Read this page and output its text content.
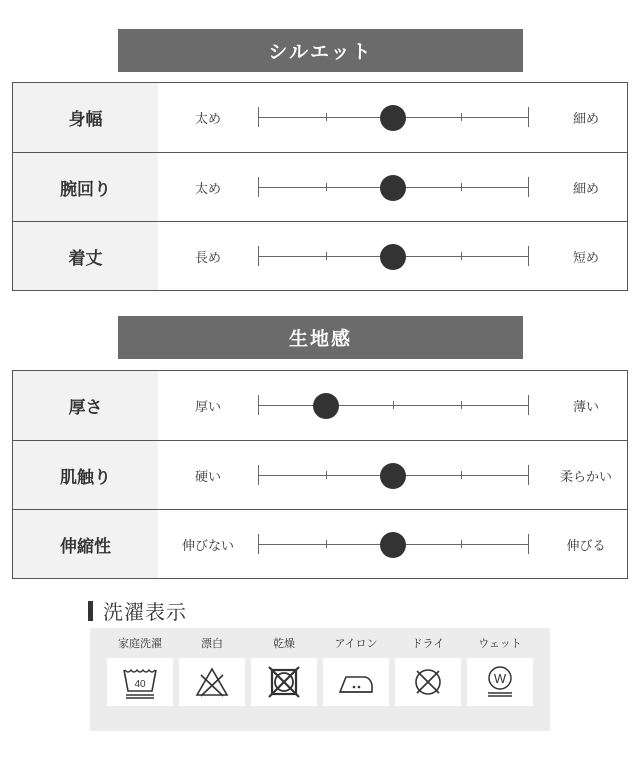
シルエット
身幅	太め	細め
腕回り	太め	細め
着丈	長め	短め
生地感
厚さ	厚い	薄い
肌触り	硬い	柔らかい
伸縮性	伸びない	伸びる
洗濯表示
家庭洗濯
40
漂白	乾燥	アイロン	ドライ	ウェット
W
